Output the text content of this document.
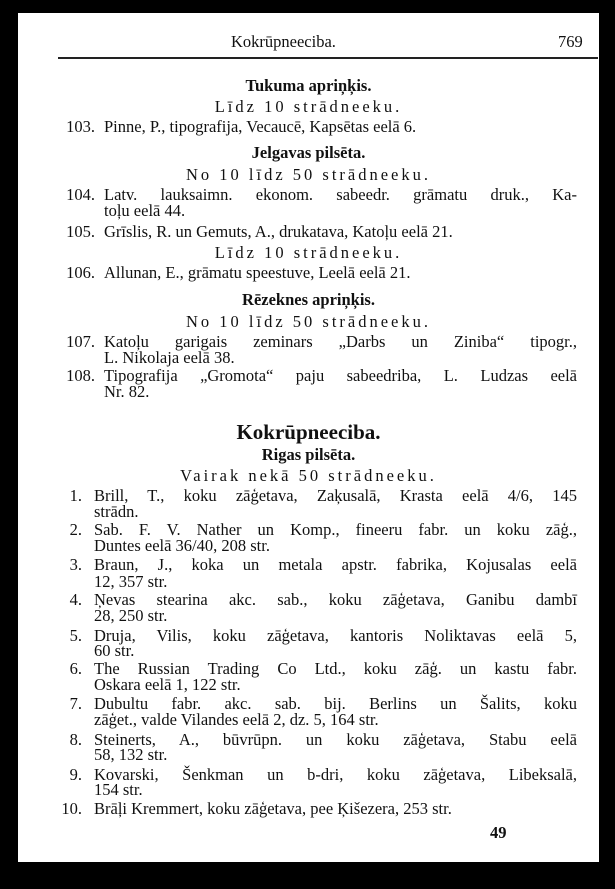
Kokrūpneeciba.	769
Tukuma apriņķis.
Līdz 10 strādneeku.
103. Pinne, P., tipografija, Vecaucē, Kapsētas eelā 6.
Jelgavas pilsēta.
No 10 līdz 50 strādneeku.
104. Latv. lauksaimn. ekonom. sabeedr. grāmatu druk., Ka-
toļu eelā 44.
105. Grīslis, R. un Gemuts, A., drukatava, Katoļu eelā 21.
Līdz 10 strādneeku.
106. Allunan, E., grāmatu speestuve, Leelā eelā 21.
Rēzeknes apriņķis.
No 10 līdz 50 strādneeku.
107. Katoļu garigais zeminars „Darbs un Ziniba“ tipogr.,
L. Nikolaja eelā 38.
108. Tipografija „Gromota“ paju sabeedriba, L. Ludzas eelā
Nr. 82.
Kokrūpneeciba.
Rigas pilsēta.
Vairak nekā 50 strādneeku.
1. Brill, T., koku zāģetava, Zaķusalā, Krasta eelā 4/6, 145
strādn.
2. Sab. F. V. Nather un Komp., fineeru fabr. un koku zāģ.,
Duntes eelā 36/40, 208 str.
3. Braun, J., koka un metala apstr. fabrika, Kojusalas eelā
12, 357 str.
4. Ņevas stearina akc. sab., koku zāģetava, Ganibu dambī
28, 250 str.
5. Druja, Vilis, koku zāģetava, kantoris Noliktavas eelā 5,
60 str.
6. The Russian Trading Co Ltd., koku zāģ. un kastu fabr.
Oskara eelā 1, 122 str.
7. Dubultu fabr. akc. sab. bij. Berlins un Šalits, koku
zāģet., valde Vilandes eelā 2, dz. 5, 164 str.
8. Steinerts, A., būvrūpn. un koku zāģetava, Stabu eelā
58, 132 str.
9. Kovarski, Šenkman un b-dri, koku zāģetava, Libeksalā,
154 str.
10. Brāļi Kremmert, koku zāģetava, pee Ķišezera, 253 str.
49
